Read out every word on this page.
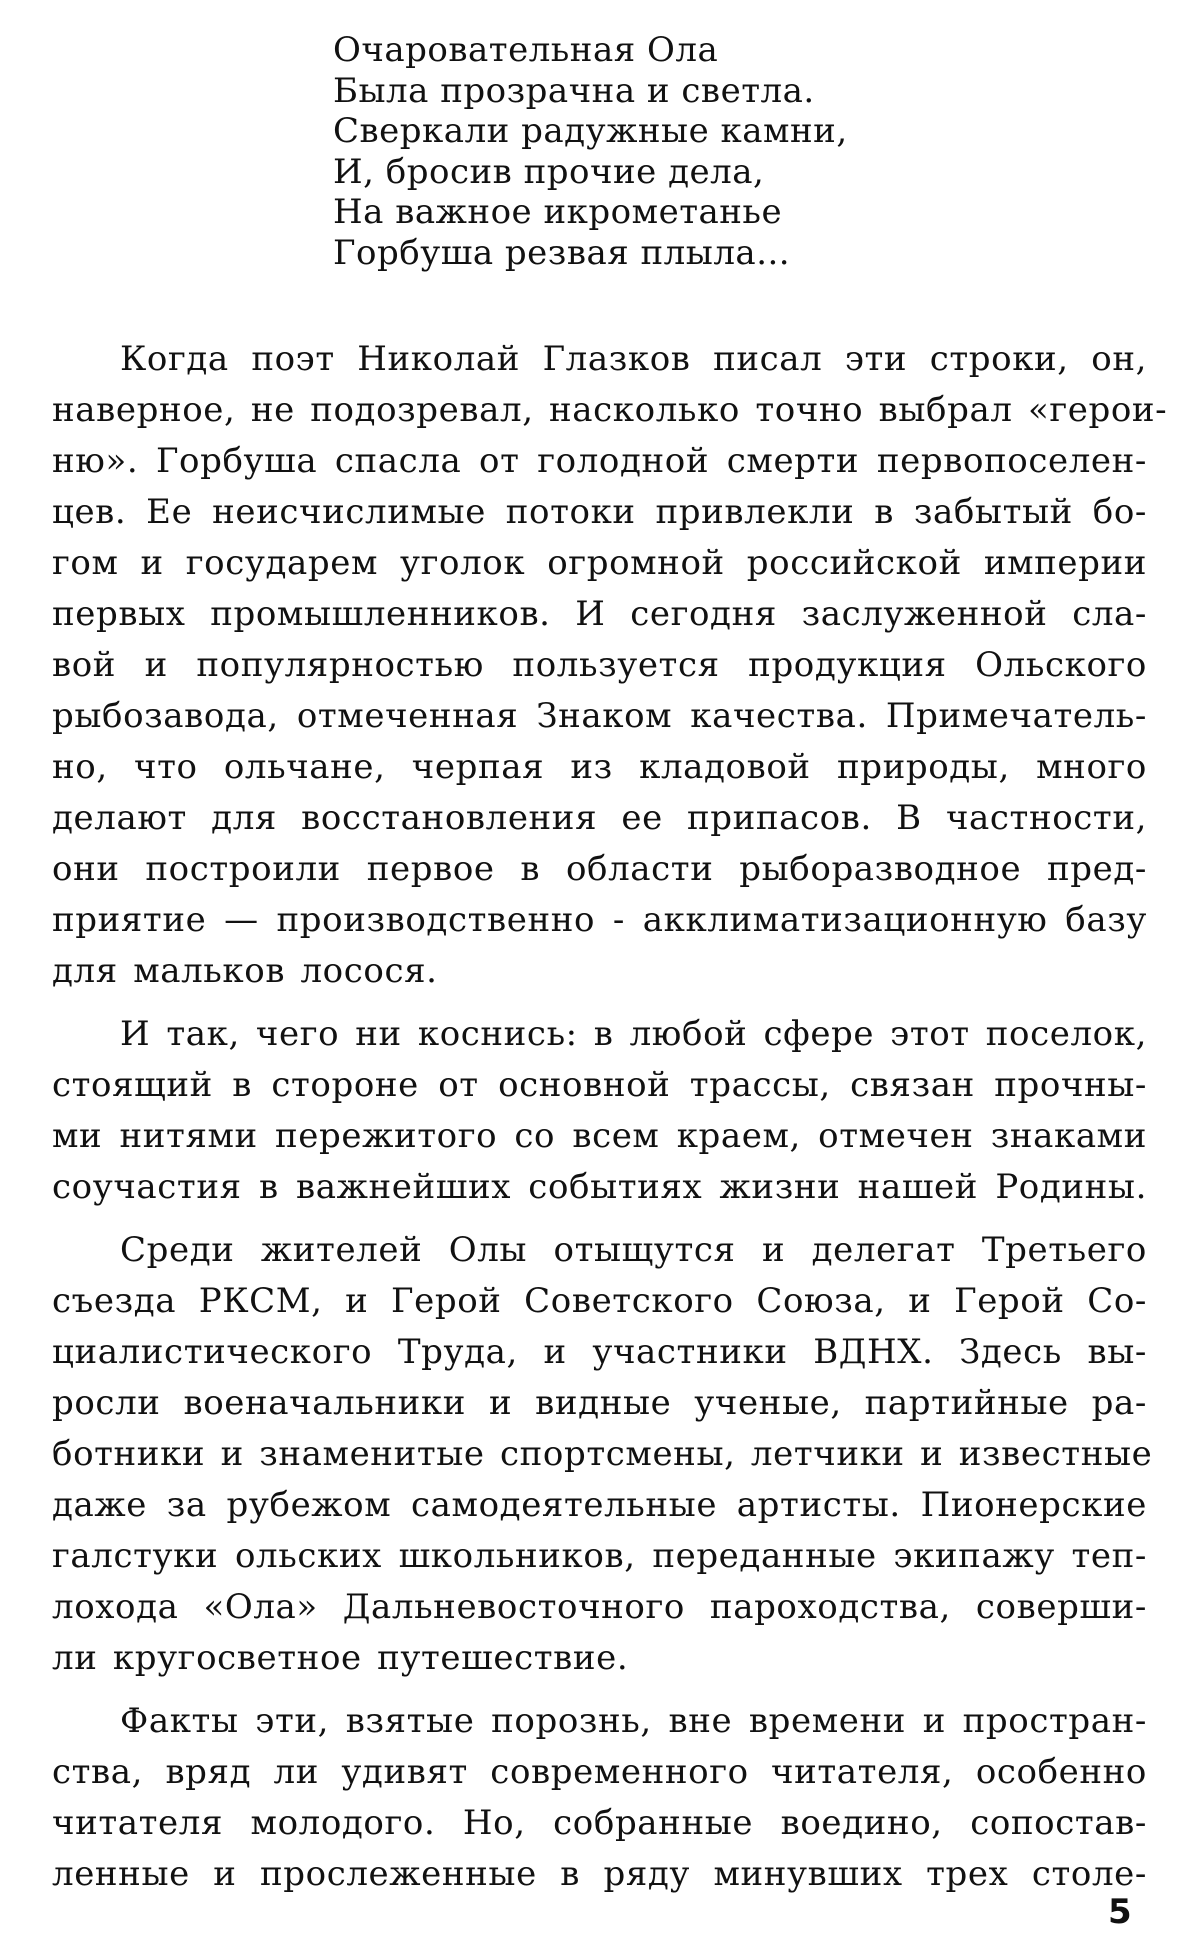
Очаровательная Ола
Была прозрачна и светла.
Сверкали радужные камни,
И, бросив прочие дела,
На важное икрометанье
Горбуша резвая плыла...
Когда поэт Николай Глазков писал эти строки, он,
наверное, не подозревал, насколько точно выбрал «герои-
ню». Горбуша спасла от голодной смерти первопоселен-
цев. Ее неисчислимые потоки привлекли в забытый бо-
гом и государем уголок огромной российской империи
первых промышленников. И сегодня заслуженной сла-
вой и популярностью пользуется продукция Ольского
рыбозавода, отмеченная Знаком качества. Примечатель-
но, что ольчане, черпая из кладовой природы, много
делают для восстановления ее припасов. В частности,
они построили первое в области рыборазводное пред-
приятие — производственно - акклиматизационную базу
для мальков лосося.
И так, чего ни коснись: в любой сфере этот поселок,
стоящий в стороне от основной трассы, связан прочны-
ми нитями пережитого со всем краем, отмечен знаками
соучастия в важнейших событиях жизни нашей Родины.
Среди жителей Олы отыщутся и делегат Третьего
съезда РКСМ, и Герой Советского Союза, и Герой Со-
циалистического Труда, и участники ВДНХ. Здесь вы-
росли военачальники и видные ученые, партийные ра-
ботники и знаменитые спортсмены, летчики и известные
даже за рубежом самодеятельные артисты. Пионерские
галстуки ольских школьников, переданные экипажу теп-
лохода «Ола» Дальневосточного пароходства, соверши-
ли кругосветное путешествие.
Факты эти, взятые порознь, вне времени и простран-
ства, вряд ли удивят современного читателя, особенно
читателя молодого. Но, собранные воедино, сопостав-
ленные и прослеженные в ряду минувших трех столе-
5
